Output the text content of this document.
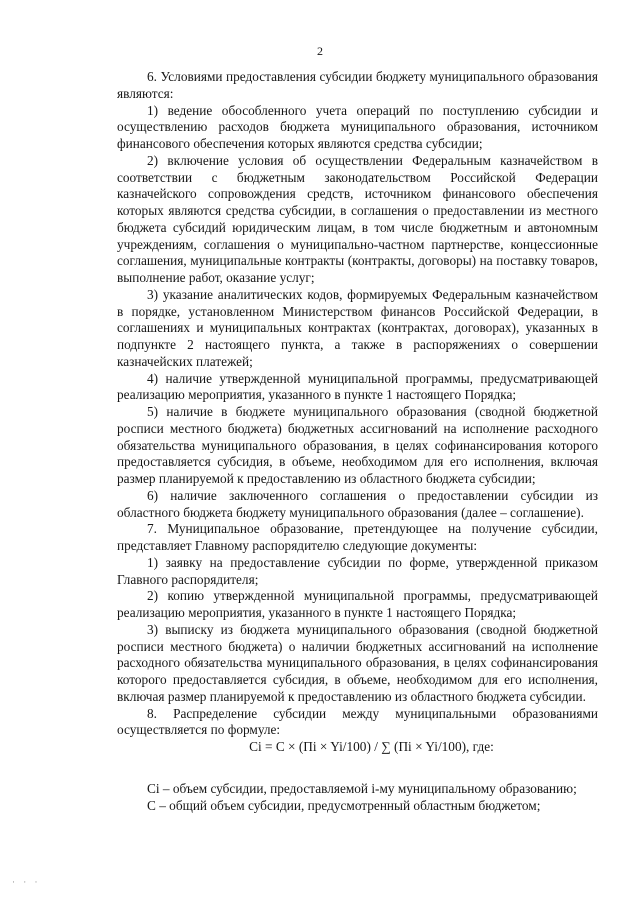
2

6. Условиями предоставления субсидии бюджету муниципального образования являются:

1) ведение обособленного учета операций по поступлению субсидии и осуществлению расходов бюджета муниципального образования, источником финансового обеспечения которых являются средства субсидии;

2) включение условия об осуществлении Федеральным казначейством в соответствии с бюджетным законодательством Российской Федерации казначейского сопровождения средств, источником финансового обеспечения которых являются средства субсидии, в соглашения о предоставлении из местного бюджета субсидий юридическим лицам, в том числе бюджетным и автономным учреждениям, соглашения о муниципально-частном партнерстве, концессионные соглашения, муниципальные контракты (контракты, договоры) на поставку товаров, выполнение работ, оказание услуг;

3) указание аналитических кодов, формируемых Федеральным казначейством в порядке, установленном Министерством финансов Российской Федерации, в соглашениях и муниципальных контрактах (контрактах, договорах), указанных в подпункте 2 настоящего пункта, а также в распоряжениях о совершении казначейских платежей;

4) наличие утвержденной муниципальной программы, предусматривающей реализацию мероприятия, указанного в пункте 1 настоящего Порядка;

5) наличие в бюджете муниципального образования (сводной бюджетной росписи местного бюджета) бюджетных ассигнований на исполнение расходного обязательства муниципального образования, в целях софинансирования которого предоставляется субсидия, в объеме, необходимом для его исполнения, включая размер планируемой к предоставлению из областного бюджета субсидии;

6) наличие заключенного соглашения о предоставлении субсидии из областного бюджета бюджету муниципального образования (далее – соглашение).

7. Муниципальное образование, претендующее на получение субсидии, представляет Главному распорядителю следующие документы:

1) заявку на предоставление субсидии по форме, утвержденной приказом Главного распорядителя;

2) копию утвержденной муниципальной программы, предусматривающей реализацию мероприятия, указанного в пункте 1 настоящего Порядка;

3) выписку из бюджета муниципального образования (сводной бюджетной росписи местного бюджета) о наличии бюджетных ассигнований на исполнение расходного обязательства муниципального образования, в целях софинансирования которого предоставляется субсидия, в объеме, необходимом для его исполнения, включая размер планируемой к предоставлению из областного бюджета субсидии.

8. Распределение субсидии между муниципальными образованиями осуществляется по формуле:

Ci = C × (Пi × Yi/100) / ∑ (Пi × Yi/100), где:

Ci – объем субсидии, предоставляемой i-му муниципальному образованию;

С – общий объем субсидии, предусмотренный областным бюджетом;

· · ·
